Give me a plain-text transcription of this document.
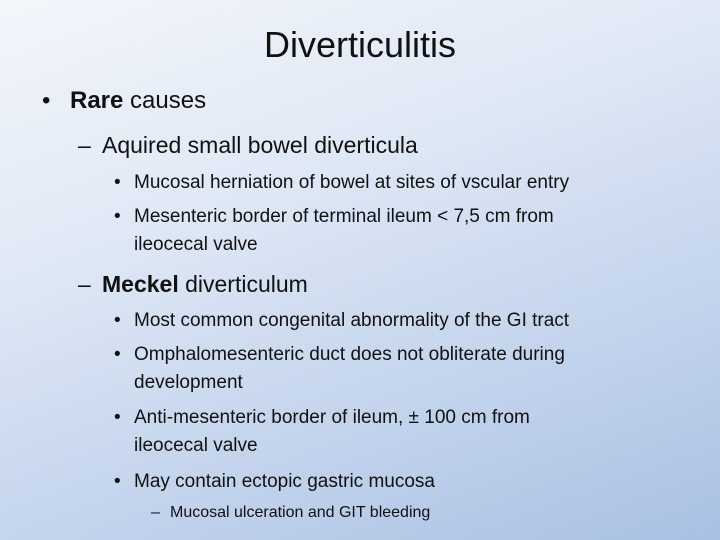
Diverticulitis
• Rare causes
– Aquired small bowel diverticula
• Mucosal herniation of bowel at sites of vscular entry
• Mesenteric border of terminal ileum < 7,5 cm from
ileocecal valve
– Meckel diverticulum
• Most common congenital abnormality of the GI tract
• Omphalomesenteric duct does not obliterate during
development
• Anti-mesenteric border of ileum, ± 100 cm from
ileocecal valve
• May contain ectopic gastric mucosa
– Mucosal ulceration and GIT bleeding
